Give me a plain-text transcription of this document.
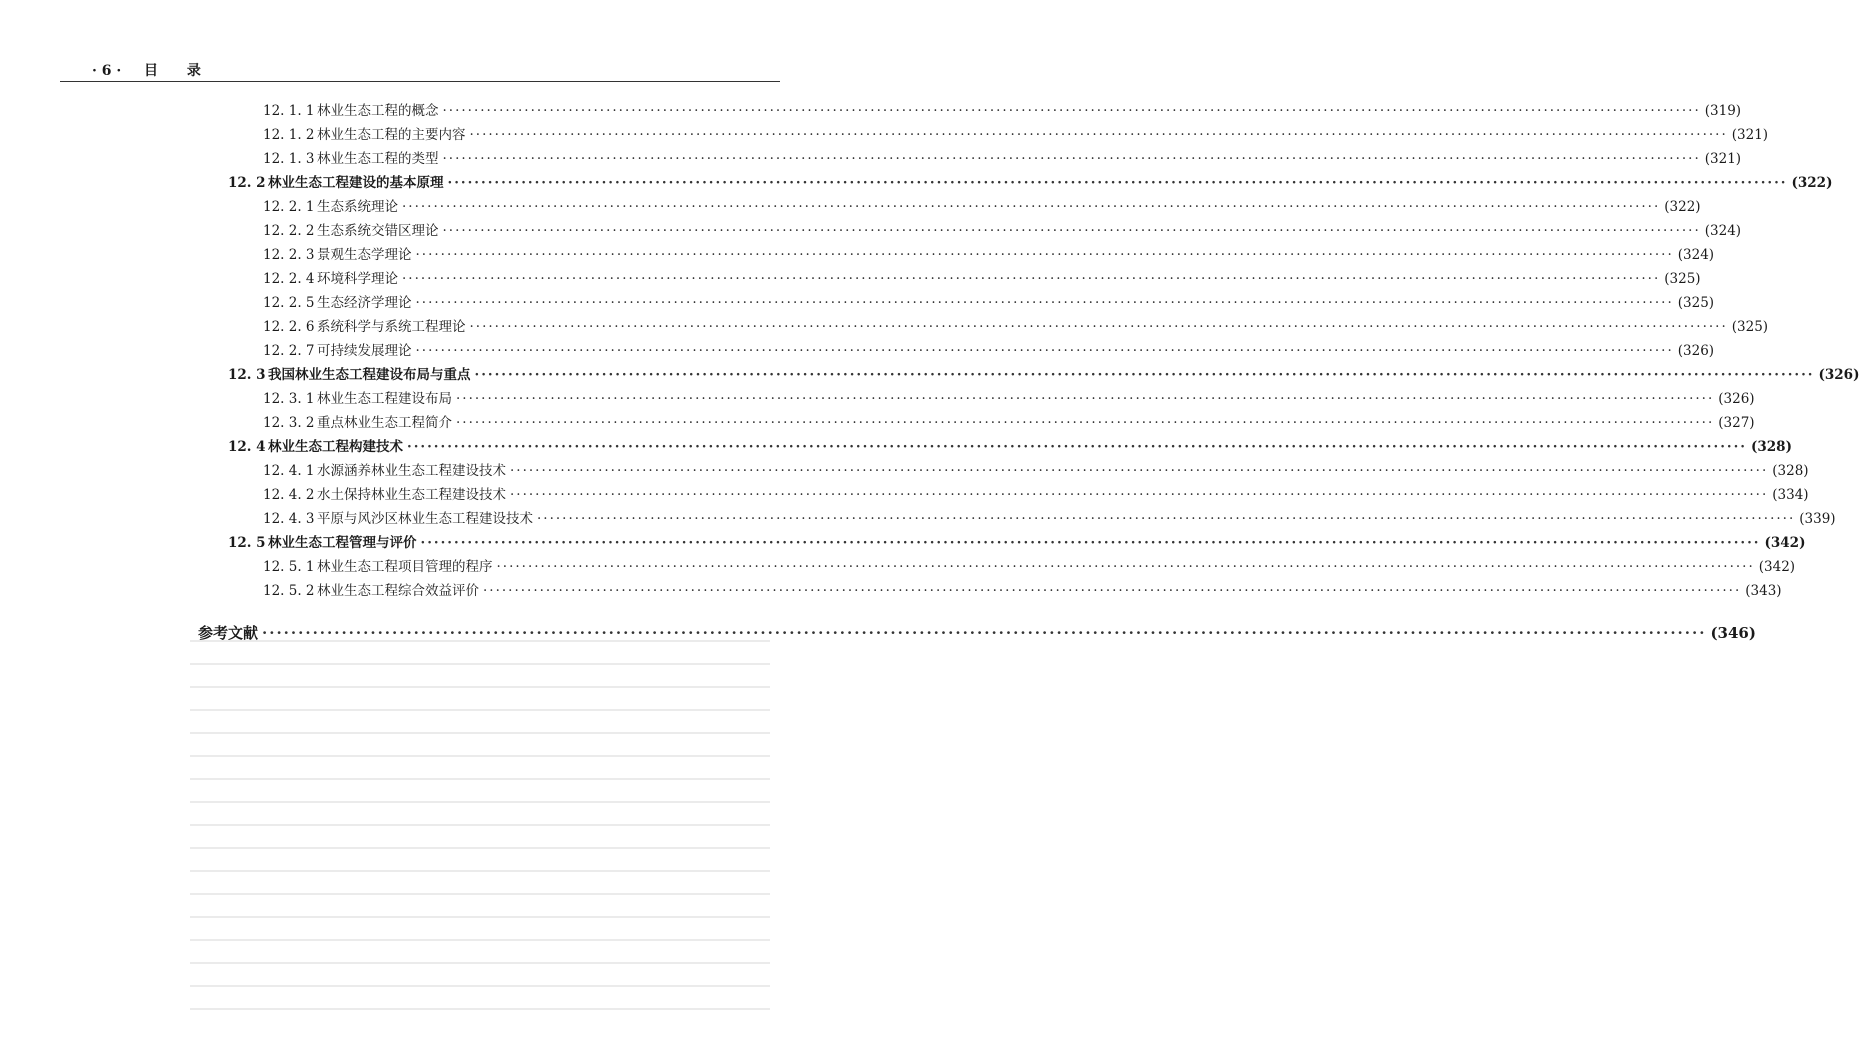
· 6 · 目 录
12. 1. 1 林业生态工程的概念 ········································································································································································································ (319)
12. 1. 2 林业生态工程的主要内容 ········································································································································································································ (321)
12. 1. 3 林业生态工程的类型 ········································································································································································································ (321)
12. 2 林业生态工程建设的基本原理 ········································································································································································································ (322)
12. 2. 1 生态系统理论 ········································································································································································································ (322)
12. 2. 2 生态系统交错区理论 ········································································································································································································ (324)
12. 2. 3 景观生态学理论 ········································································································································································································ (324)
12. 2. 4 环境科学理论 ········································································································································································································ (325)
12. 2. 5 生态经济学理论 ········································································································································································································ (325)
12. 2. 6 系统科学与系统工程理论 ········································································································································································································ (325)
12. 2. 7 可持续发展理论 ········································································································································································································ (326)
12. 3 我国林业生态工程建设布局与重点 ········································································································································································································ (326)
12. 3. 1 林业生态工程建设布局 ········································································································································································································ (326)
12. 3. 2 重点林业生态工程简介 ········································································································································································································ (327)
12. 4 林业生态工程构建技术 ········································································································································································································ (328)
12. 4. 1 水源涵养林业生态工程建设技术 ········································································································································································································ (328)
12. 4. 2 水土保持林业生态工程建设技术 ········································································································································································································ (334)
12. 4. 3 平原与风沙区林业生态工程建设技术 ········································································································································································································ (339)
12. 5 林业生态工程管理与评价 ········································································································································································································ (342)
12. 5. 1 林业生态工程项目管理的程序 ········································································································································································································ (342)
12. 5. 2 林业生态工程综合效益评价 ········································································································································································································ (343)
参考文献 ········································································································································································································ (346)
